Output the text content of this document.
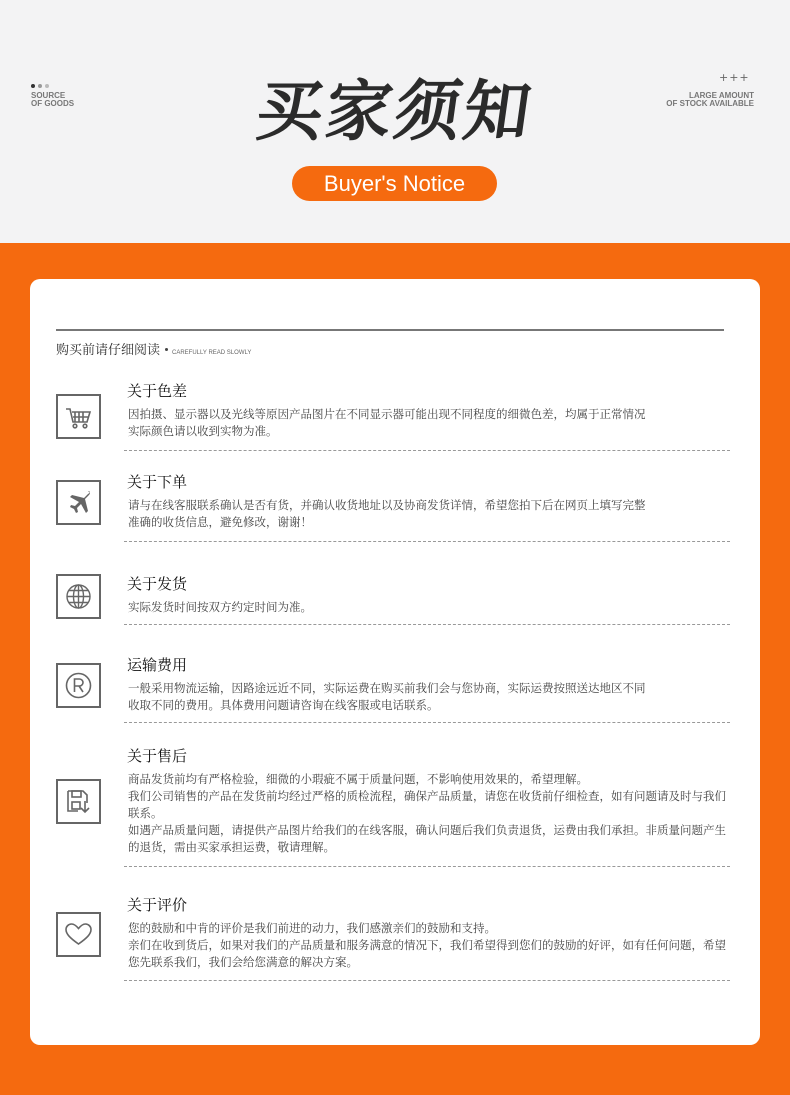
SOURCE
OF GOODS
+++
LARGE AMOUNT
OF STOCK AVAILABLE
买家须知
Buyer's Notice
购买前请仔细阅读 CAREFULLY READ SLOWLY
关于色差
因拍摄、显示器以及光线等原因产品图片在不同显示器可能出现不同程度的细微色差，均属于正常情况
实际颜色请以收到实物为准。
关于下单
请与在线客服联系确认是否有货，并确认收货地址以及协商发货详情，希望您拍下后在网页上填写完整
准确的收货信息，避免修改，谢谢！
关于发货
实际发货时间按双方约定时间为准。
运输费用
一般采用物流运输，因路途远近不同，实际运费在购买前我们会与您协商，实际运费按照送达地区不同
收取不同的费用。具体费用问题请咨询在线客服或电话联系。
关于售后
商品发货前均有严格检验，细微的小瑕疵不属于质量问题，不影响使用效果的，希望理解。
我们公司销售的产品在发货前均经过严格的质检流程，确保产品质量，请您在收货前仔细检查，如有问题请及时与我们联系。
如遇产品质量问题，请提供产品图片给我们的在线客服，确认问题后我们负责退货，运费由我们承担。非质量问题产生的退货，需由买家承担运费，敬请理解。
关于评价
您的鼓励和中肯的评价是我们前进的动力，我们感激亲们的鼓励和支持。
亲们在收到货后，如果对我们的产品质量和服务满意的情况下，我们希望得到您们的鼓励的好评，如有任何问题，希望您先联系我们，我们会给您满意的解决方案。
